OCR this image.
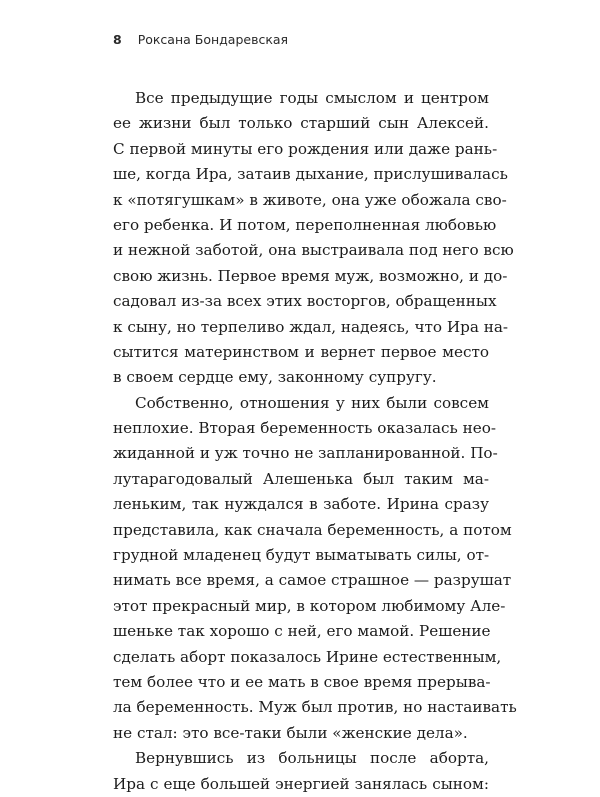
8 Роксана Бондаревская
Все предыдущие годы смыслом и центром
ее жизни был только старший сын Алексей.
С первой минуты его рождения или даже рань-
ше, когда Ира, затаив дыхание, прислушивалась
к «потягушкам» в животе, она уже обожала сво-
его ребенка. И потом, переполненная любовью
и нежной заботой, она выстраивала под него всю
свою жизнь. Первое время муж, возможно, и до-
садовал из-за всех этих восторгов, обращенных
к сыну, но терпеливо ждал, надеясь, что Ира на-
сытится материнством и вернет первое место
в своем сердце ему, законному супругу.
Собственно, отношения у них были совсем
неплохие. Вторая беременность оказалась нео-
жиданной и уж точно не запланированной. По-
лутарагодовалый Алешенька был таким ма-
леньким, так нуждался в заботе. Ирина сразу
представила, как сначала беременность, а потом
грудной младенец будут выматывать силы, от-
нимать все время, а самое страшное — разрушат
этот прекрасный мир, в котором любимому Але-
шеньке так хорошо с ней, его мамой. Решение
сделать аборт показалось Ирине естественным,
тем более что и ее мать в свое время прерыва-
ла беременность. Муж был против, но настаивать
не стал: это все-таки были «женские дела».
Вернувшись из больницы после аборта,
Ира с еще большей энергией занялась сыном:
